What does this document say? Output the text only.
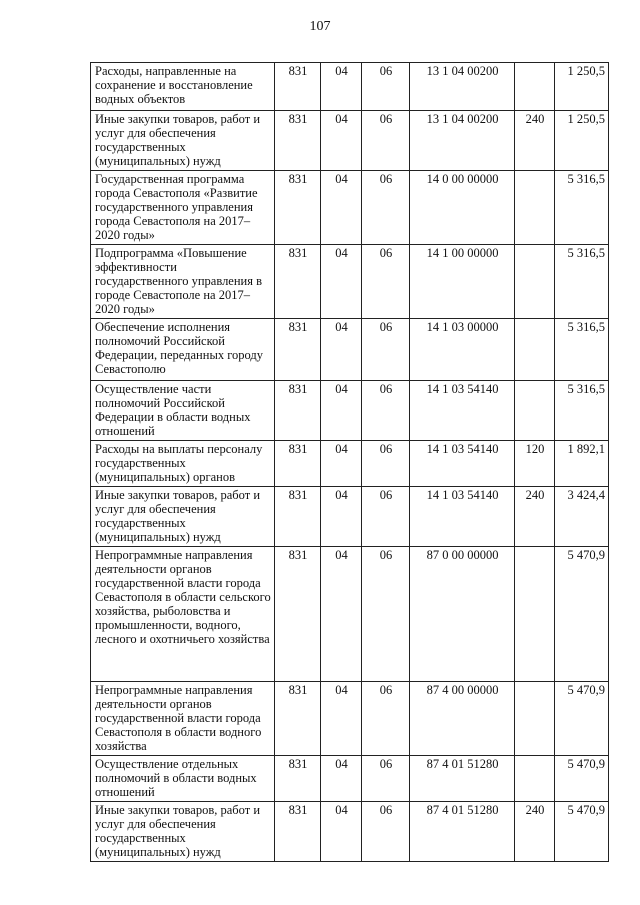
107
Расходы, направленные на сохранение и восстановление водных объектов	831	04	06	13 1 04 00200		1 250,5
Иные закупки товаров, работ и услуг для обеспечения государственных (муниципальных) нужд	831	04	06	13 1 04 00200	240	1 250,5
Государственная программа города Севастополя «Развитие государственного управления города Севастополя на 2017–2020 годы»	831	04	06	14 0 00 00000		5 316,5
Подпрограмма «Повышение эффективности государственного управления в городе Севастополе на 2017–2020 годы»	831	04	06	14 1 00 00000		5 316,5
Обеспечение исполнения полномочий Российской Федерации, переданных городу Севастополю	831	04	06	14 1 03 00000		5 316,5
Осуществление части полномочий Российской Федерации в области водных отношений	831	04	06	14 1 03 54140		5 316,5
Расходы на выплаты персоналу государственных (муниципальных) органов	831	04	06	14 1 03 54140	120	1 892,1
Иные закупки товаров, работ и услуг для обеспечения государственных (муниципальных) нужд	831	04	06	14 1 03 54140	240	3 424,4
Непрограммные направления деятельности органов государственной власти города Севастополя в области сельского хозяйства, рыболовства и промышленности, водного, лесного и охотничьего хозяйства	831	04	06	87 0 00 00000		5 470,9
Непрограммные направления деятельности органов государственной власти города Севастополя в области водного хозяйства	831	04	06	87 4 00 00000		5 470,9
Осуществление отдельных полномочий в области водных отношений	831	04	06	87 4 01 51280		5 470,9
Иные закупки товаров, работ и услуг для обеспечения государственных (муниципальных) нужд	831	04	06	87 4 01 51280	240	5 470,9
